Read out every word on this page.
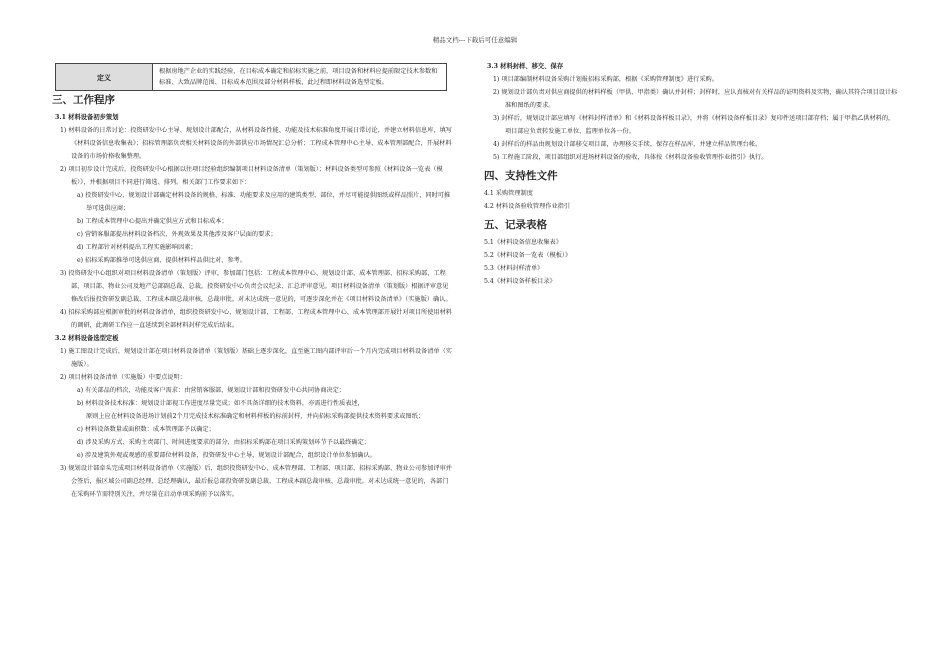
精品文档---下载后可任意编辑
定义	根据房地产企业的实践经验，在目标成本确定和招标实施之前，项目设备和材料应提前限定技术参数和标准、大致品牌范围、目标成本范围及部分材料样板，此过程即材料设备选型定板。
三、工作程序
3.1 材料设备初步策划
1) 材料设备的日常讨论：投资研发中心主导、规划设计部配合，从材料设备性能、功能及技术标准角度开展日常讨论，并建立材料信息库，填写《材料设备信息收集表》；招标管理部负责相关材料设备的外部供应市场情况汇总分析；工程成本管理中心主导、成本管理部配合，开展材料设备的市场价格收集整理。
2) 项目初步设计完成后，投资研发中心根据以往项目经验组织编制项目材料设备清单（策划版）；材料设备类型可参照《材料设备一览表（模板）》，并根据项目不同进行筛选、排列。相关部门工作要求如下：
a) 投资研发中心、规划设计部确定材料设备的规格、标准、功能要求及应用的建筑类型、部位，并尽可能提供图纸或样品照片，同时可推举可选供应商；
b) 工程成本管理中心提出并确定供应方式和目标成本；
c) 营销客服部提出材料设备档次、外观效果及其他涉及客户层面的要求；
d) 工程部针对材料提出工程实施影响因素；
e) 招标采购部推举可选供应商，提供材料样品供比对、参考。
3) 投资研发中心组织对项目材料设备清单（策划版）评审，参加部门包括：工程成本管理中心、规划设计部、成本管理部、招标采购部、工程部、项目部、物业公司及地产总部副总裁、总裁。投资研发中心负责会议纪录、汇总评审意见。项目材料设备清单（策划版）根据评审意见修改后报投资研发副总裁、工程成本副总裁审核，总裁审批。对未达成统一意见的，可逐步深化并在《项目材料设备清单》（实施版）确认。
4) 招标采购部应根据审批的材料设备清单，组织投资研发中心、规划设计部、工程部、工程成本管理中心、成本管理部开展针对项目所使用材料的调研，此调研工作应一直延续到全部材料封样完成后结束。
3.2 材料设备选型定板
1) 施工图设计完成后，规划设计部在项目材料设备清单（策划版）基础上逐步深化，直至施工图内部评审后一个月内完成项目材料设备清单（实施版）。
2) 项目材料设备清单（实施版）中要点说明：
a) 有关部品的档次、功能及客户需求：由营销客服部、规划设计部和投资研发中心共同协商决定；
b) 材料设备技术标准：规划设计部视工作进度尽量完成；如不具备详细的技术资料，亦需进行性质表述，
原则上应在材料设备进场计划前2个月完成技术标准确定和材料样板的标前封样，并向招标采购部提供技术资料要求或图纸；
c) 材料设备数量或面积数：成本管理部予以确定；
d) 涉及采购方式、采购主责部门、时间进度要求的部分，由招标采购部在项目采购策划环节予以最终确定；
e) 涉及建筑外观或观感的重要部位材料设备，投资研发中心主导、规划设计部配合，组织设计单位参加确认。
3) 规划设计部牵头完成项目材料设备清单（实施版）后，组织投资研发中心、成本管理部、工程部、项目部、招标采购部、物业公司参加评审并会签后，报区域公司副总经理、总经理确认，最后报总部投资研发副总裁、工程成本副总裁审核、总裁审批。对未达成统一意见的，各部门在采购环节需特别关注，并尽量在启动单项采购前予以落实。
3.3 材料封样、移交、保存
1) 项目部编制材料设备采购计划报招标采购部，根据《采购管理制度》进行采购。
2) 规划设计部负责对供应商提供的材料样板（甲供、甲指类）确认并封样；封样时，应认真核对有关样品的证明资料及实物，确认其符合项目设计标准和图纸的要求。
3) 封样后，规划设计部应填写《材料封样清单》和《材料设备样板目录》，并将《材料设备样板目录》复印件送项目部存档；属于甲指乙供材料的，项目部应负责转发施工单位、监理单位各一份。
4) 封样后的样品由规划设计部移交项目部，办理移交手续，保存在样品库，并建立样品管理台帐。
5) 工程施工阶段，项目部组织对进场材料设备的验收，具体按《材料设备验收管理作业指引》执行。
四、支持性文件
4.1 采购管理制度
4.2 材料设备验收管理作业指引
五、记录表格
5.1《材料设备信息收集表》
5.2《材料设备一览表（模板）》
5.3《材料封样清单》
5.4《材料设备样板目录》
